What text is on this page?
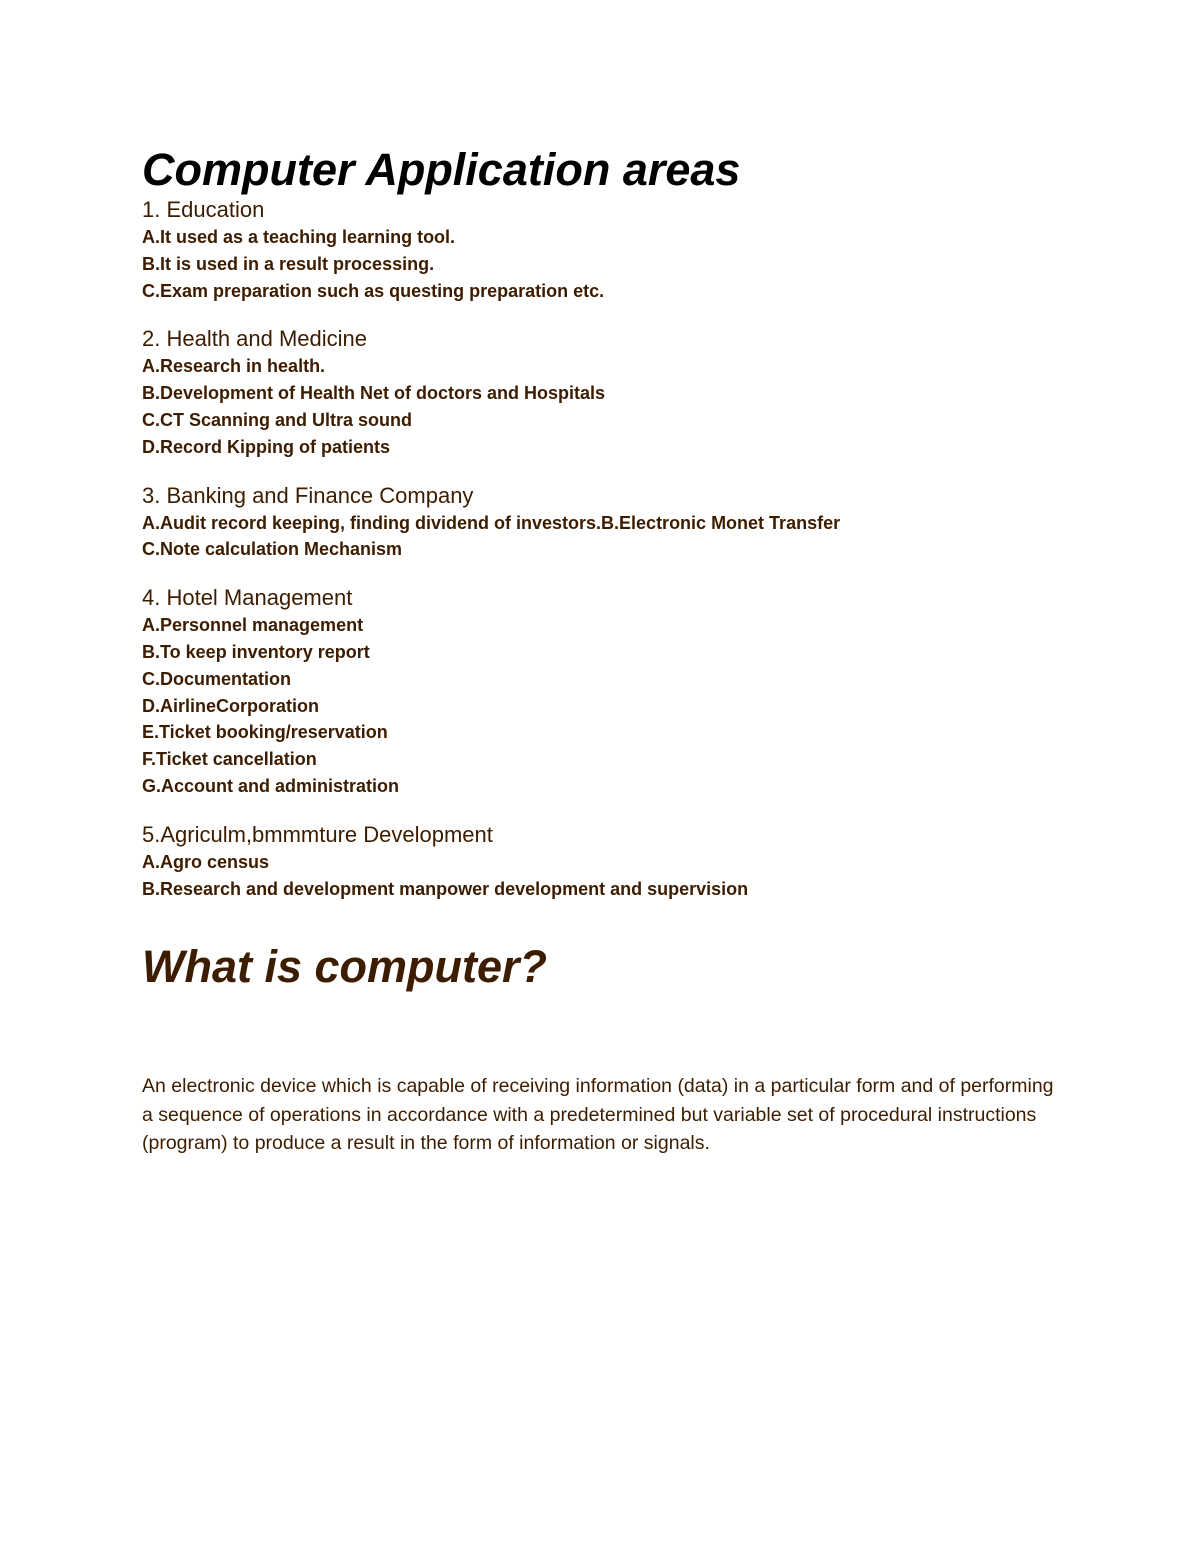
Computer Application areas
1. Education
A.It used as a teaching learning tool.
B.It is used in a result processing.
C.Exam preparation such as questing preparation etc.
2. Health and Medicine
A.Research in health.
B.Development of Health Net of doctors and Hospitals
C.CT Scanning and Ultra sound
D.Record Kipping of patients
3. Banking and Finance Company
A.Audit record keeping, finding dividend of investors.B.Electronic Monet Transfer
C.Note calculation Mechanism
4. Hotel Management
A.Personnel management
B.To keep inventory report
C.Documentation
D.AirlineCorporation
E.Ticket booking/reservation
F.Ticket cancellation
G.Account and administration
5.Agriculm,bmmmture Development
A.Agro census
B.Research and development manpower development and supervision
What is computer?

An electronic device which is capable of receiving information (data) in a particular form and of performing a sequence of operations in accordance with a predetermined but variable set of procedural instructions (program) to produce a result in the form of information or signals.
